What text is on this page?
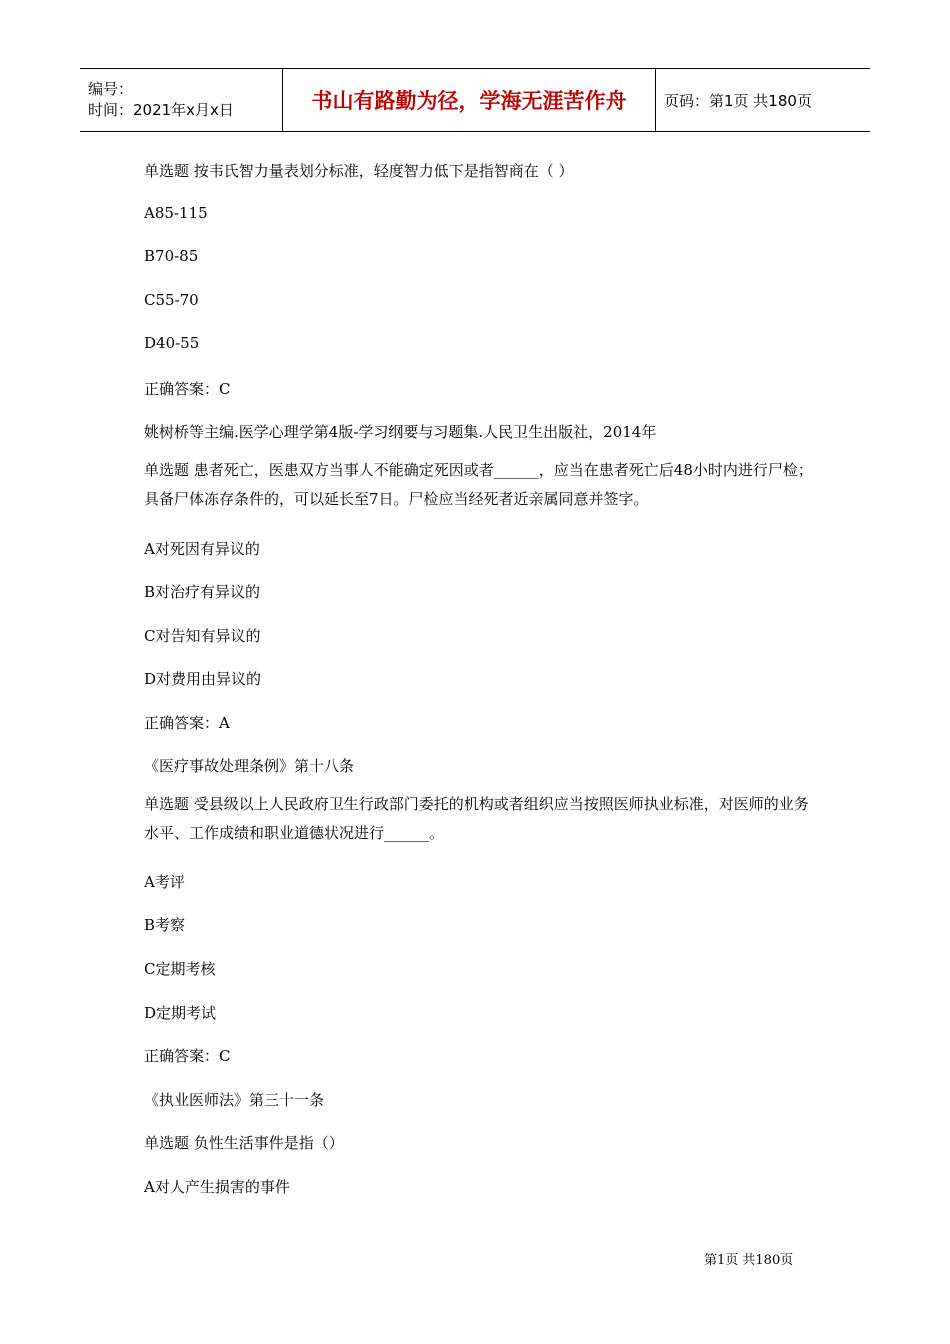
编号：
时间：2021年x月x日	书山有路勤为径，学海无涯苦作舟	页码：第1页 共180页
单选题 按韦氏智力量表划分标准，轻度智力低下是指智商在（ ）
A85-115
B70-85
C55-70
D40-55
正确答案：C
姚树桥等主编.医学心理学第4版-学习纲要与习题集.人民卫生出版社，2014年
单选题 患者死亡，医患双方当事人不能确定死因或者______，应当在患者死亡后48小时内进行尸检；具备尸体冻存条件的，可以延长至7日。尸检应当经死者近亲属同意并签字。
A对死因有异议的
B对治疗有异议的
C对告知有异议的
D对费用由异议的
正确答案：A
《医疗事故处理条例》第十八条
单选题 受县级以上人民政府卫生行政部门委托的机构或者组织应当按照医师执业标准，对医师的业务水平、工作成绩和职业道德状况进行______。
A考评
B考察
C定期考核
D定期考试
正确答案：C
《执业医师法》第三十一条
单选题 负性生活事件是指（）
A对人产生损害的事件
第1页 共180页
